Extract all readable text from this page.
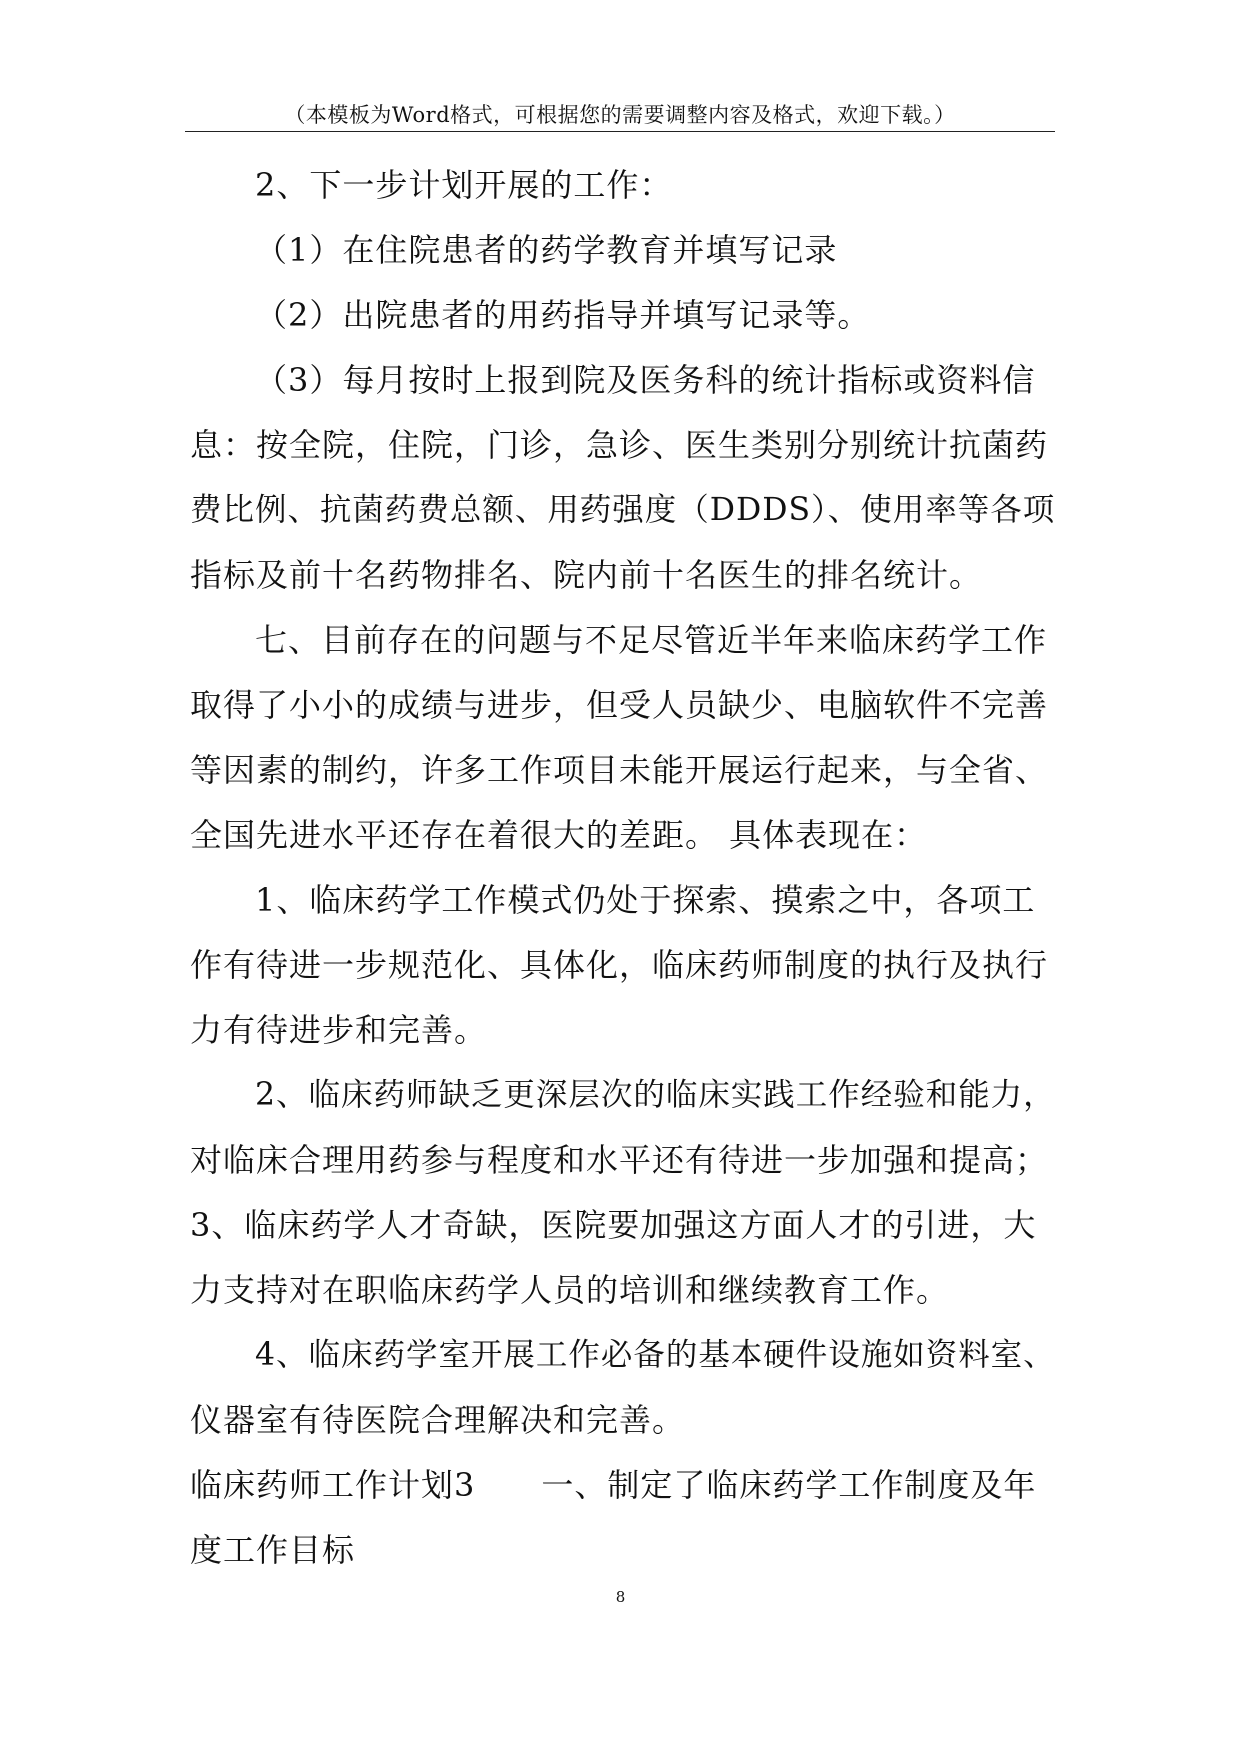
（本模板为Word格式，可根据您的需要调整内容及格式，欢迎下载。）
2、下一步计划开展的工作：
（1）在住院患者的药学教育并填写记录
（2）出院患者的用药指导并填写记录等。
（3）每月按时上报到院及医务科的统计指标或资料信
息：按全院，住院，门诊，急诊、医生类别分别统计抗菌药
费比例、抗菌药费总额、用药强度（DDDS）、使用率等各项
指标及前十名药物排名、院内前十名医生的排名统计。
七、目前存在的问题与不足尽管近半年来临床药学工作
取得了小小的成绩与进步，但受人员缺少、电脑软件不完善
等因素的制约，许多工作项目未能开展运行起来，与全省、
全国先进水平还存在着很大的差距。 具体表现在：
1、临床药学工作模式仍处于探索、摸索之中，各项工
作有待进一步规范化、具体化，临床药师制度的执行及执行
力有待进步和完善。
2、临床药师缺乏更深层次的临床实践工作经验和能力，
对临床合理用药参与程度和水平还有待进一步加强和提高；
3、临床药学人才奇缺，医院要加强这方面人才的引进，大
力支持对在职临床药学人员的培训和继续教育工作。
4、临床药学室开展工作必备的基本硬件设施如资料室、
仪器室有待医院合理解决和完善。
临床药师工作计划3　　一、制定了临床药学工作制度及年
度工作目标
8
